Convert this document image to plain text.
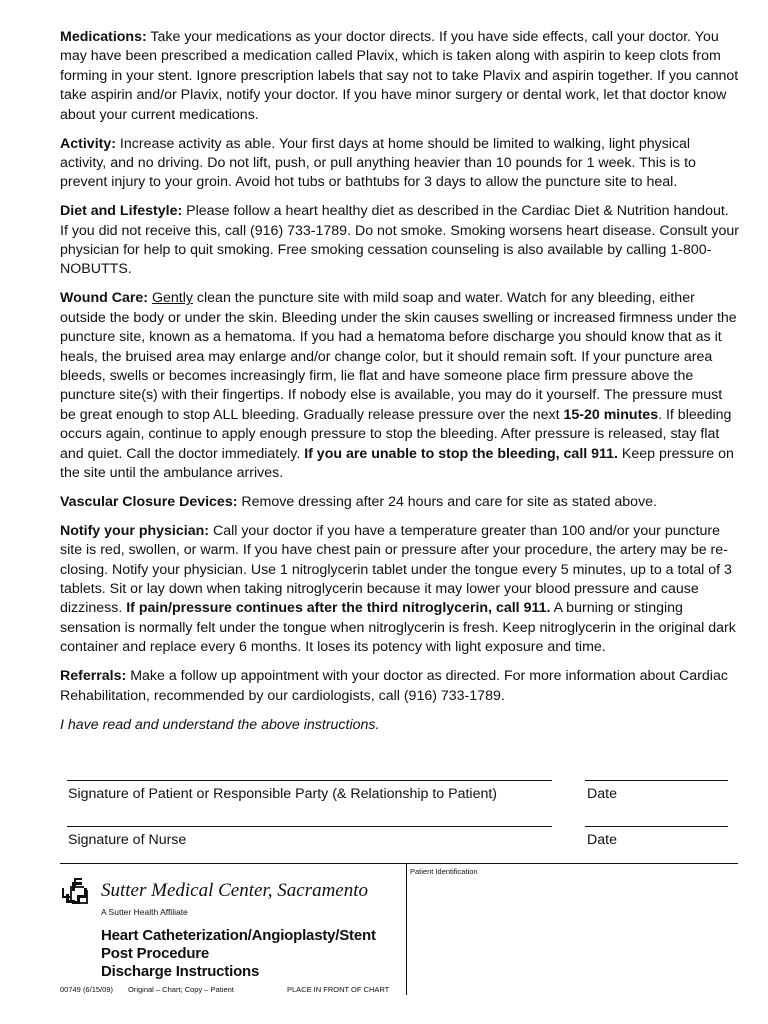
Medications: Take your medications as your doctor directs. If you have side effects, call your doctor. You may have been prescribed a medication called Plavix, which is taken along with aspirin to keep clots from forming in your stent. Ignore prescription labels that say not to take Plavix and aspirin together. If you cannot take aspirin and/or Plavix, notify your doctor. If you have minor surgery or dental work, let that doctor know about your current medications.

Activity: Increase activity as able. Your first days at home should be limited to walking, light physical activity, and no driving. Do not lift, push, or pull anything heavier than 10 pounds for 1 week. This is to prevent injury to your groin. Avoid hot tubs or bathtubs for 3 days to allow the puncture site to heal.

Diet and Lifestyle: Please follow a heart healthy diet as described in the Cardiac Diet & Nutrition handout. If you did not receive this, call (916) 733-1789. Do not smoke. Smoking worsens heart disease. Consult your physician for help to quit smoking. Free smoking cessation counseling is also available by calling 1-800-NOBUTTS.

Wound Care: Gently clean the puncture site with mild soap and water. Watch for any bleeding, either outside the body or under the skin. Bleeding under the skin causes swelling or increased firmness under the puncture site, known as a hematoma. If you had a hematoma before discharge you should know that as it heals, the bruised area may enlarge and/or change color, but it should remain soft. If your puncture area bleeds, swells or becomes increasingly firm, lie flat and have someone place firm pressure above the puncture site(s) with their fingertips. If nobody else is available, you may do it yourself. The pressure must be great enough to stop ALL bleeding. Gradually release pressure over the next 15-20 minutes. If bleeding occurs again, continue to apply enough pressure to stop the bleeding. After pressure is released, stay flat and quiet. Call the doctor immediately. If you are unable to stop the bleeding, call 911. Keep pressure on the site until the ambulance arrives.

Vascular Closure Devices: Remove dressing after 24 hours and care for site as stated above.

Notify your physician: Call your doctor if you have a temperature greater than 100 and/or your puncture site is red, swollen, or warm. If you have chest pain or pressure after your procedure, the artery may be re-closing. Notify your physician. Use 1 nitroglycerin tablet under the tongue every 5 minutes, up to a total of 3 tablets. Sit or lay down when taking nitroglycerin because it may lower your blood pressure and cause dizziness. If pain/pressure continues after the third nitroglycerin, call 911. A burning or stinging sensation is normally felt under the tongue when nitroglycerin is fresh. Keep nitroglycerin in the original dark container and replace every 6 months. It loses its potency with light exposure and time.

Referrals: Make a follow up appointment with your doctor as directed. For more information about Cardiac Rehabilitation, recommended by our cardiologists, call (916) 733-1789.

I have read and understand the above instructions.

Signature of Patient or Responsible Party (& Relationship to Patient)	Date
Signature of Nurse	Date
Patient Identification
Sutter Medical Center, Sacramento
A Sutter Health Affiliate
Heart Catheterization/Angioplasty/Stent
Post Procedure
Discharge Instructions
00749 (6/15/09) Original – Chart; Copy – Patient	PLACE IN FRONT OF CHART
